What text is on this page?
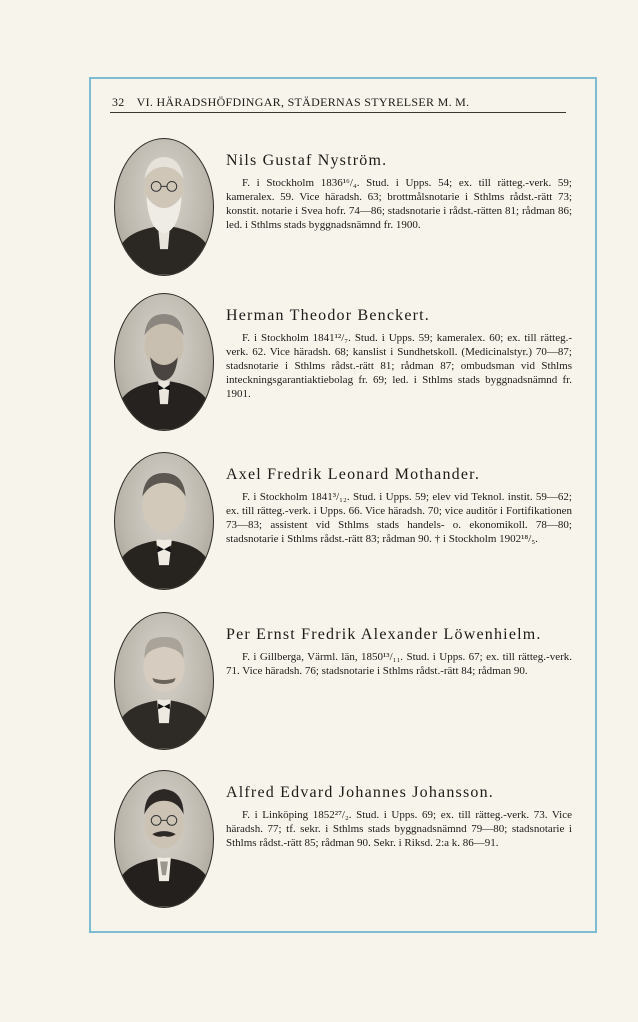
32 VI. HÄRADSHÖFDINGAR, STÄDERNAS STYRELSER M. M.
Nils Gustaf Nyström.

F. i Stockholm 1836¹⁶/₄. Stud. i Upps. 54; ex. till rätteg.-verk. 59; kameralex. 59. Vice häradsh. 63; brottmålsnotarie i Sthlms rådst.-rätt 73; konstit. notarie i Svea hofr. 74—86; stadsnotarie i rådst.-rätten 81; rådman 86; led. i Sthlms stads byggnadsnämnd fr. 1900.

Herman Theodor Benckert.

F. i Stockholm 1841¹²/₇. Stud. i Upps. 59; kameralex. 60; ex. till rätteg.-verk. 62. Vice häradsh. 68; kanslist i Sundhetskoll. (Medicinalstyr.) 70—87; stadsnotarie i Sthlms rådst.-rätt 81; rådman 87; ombudsman vid Sthlms inteckningsgarantiaktiebolag fr. 69; led. i Sthlms stads byggnadsnämnd fr. 1901.

Axel Fredrik Leonard Mothander.

F. i Stockholm 1841³/₁₂. Stud. i Upps. 59; elev vid Teknol. instit. 59—62; ex. till rätteg.-verk. i Upps. 66. Vice häradsh. 70; vice auditör i Fortifikationen 73—83; assistent vid Sthlms stads handels- o. ekonomikoll. 78—80; stadsnotarie i Sthlms rådst.-rätt 83; rådman 90. † i Stockholm 1902¹⁸/₅.

Per Ernst Fredrik Alexander Löwenhielm.

F. i Gillberga, Värml. län, 1850¹³/₁₁. Stud. i Upps. 67; ex. till rätteg.-verk. 71. Vice häradsh. 76; stadsnotarie i Sthlms rådst.-rätt 84; rådman 90.

Alfred Edvard Johannes Johansson.

F. i Linköping 1852²⁷/₂. Stud. i Upps. 69; ex. till rätteg.-verk. 73. Vice häradsh. 77; tf. sekr. i Sthlms stads byggnadsnämnd 79—80; stadsnotarie i Sthlms rådst.-rätt 85; rådman 90. Sekr. i Riksd. 2:a k. 86—91.
